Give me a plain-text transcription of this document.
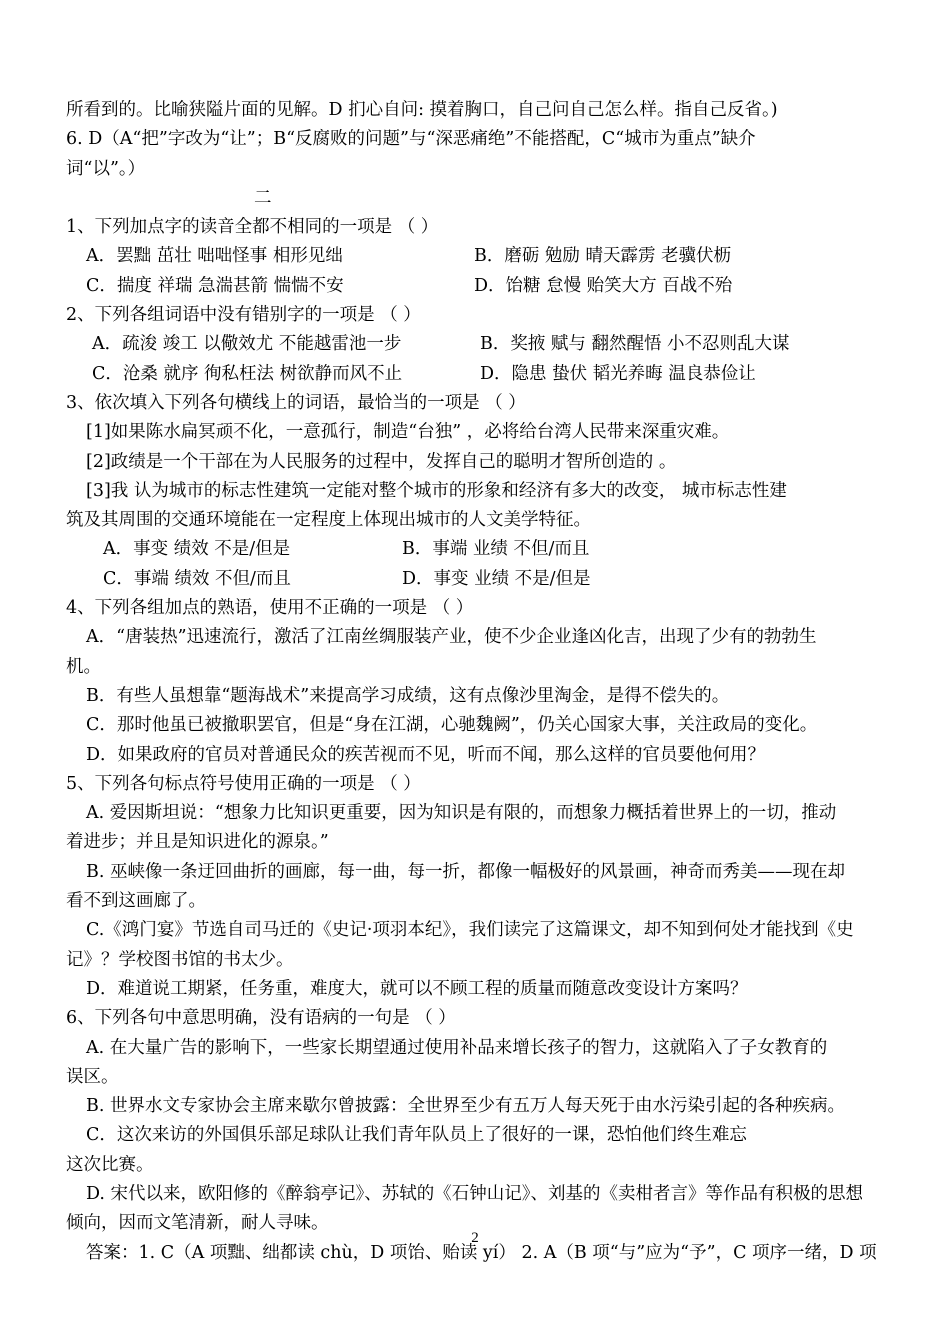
所看到的。比喻狭隘片面的见解。D 扪心自问: 摸着胸口，自己问自己怎么样。指自己反省。)
6. D（A“把”字改为“让”；B“反腐败的问题”与“深恶痛绝”不能搭配，C“城市为重点”缺介
词“以”。）
二
1、下列加点字的读音全都不相同的一项是 （ ）
A．罢黜 茁壮 咄咄怪事 相形见绌	B．磨砺 勉励 晴天霹雳 老骥伏枥
C．揣度 祥瑞 急湍甚箭 惴惴不安	D．饴糖 怠慢 贻笑大方 百战不殆
2、下列各组词语中没有错别字的一项是 （ ）
A．疏浚 竣工 以儆效尤 不能越雷池一步	B．奖掖 赋与 翻然醒悟 小不忍则乱大谋
C．沧桑 就序 徇私枉法 树欲静而风不止	D．隐患 蛰伏 韬光养晦 温良恭俭让
3、依次填入下列各句横线上的词语，最恰当的一项是 （ ）
[1]如果陈水扁冥顽不化，一意孤行，制造“台独” ，必将给台湾人民带来深重灾难。
[2]政绩是一个干部在为人民服务的过程中，发挥自己的聪明才智所创造的 。
[3]我 认为城市的标志性建筑一定能对整个城市的形象和经济有多大的改变， 城市标志性建
筑及其周围的交通环境能在一定程度上体现出城市的人文美学特征。
A．事变 绩效 不是/但是	B．事端 业绩 不但/而且
C．事端 绩效 不但/而且	D．事变 业绩 不是/但是
4、下列各组加点的熟语，使用不正确的一项是 （ ）
A．“唐装热”迅速流行，激活了江南丝绸服装产业，使不少企业逢凶化吉，出现了少有的勃勃生
机。
B．有些人虽想靠“题海战术”来提高学习成绩，这有点像沙里淘金，是得不偿失的。
C．那时他虽已被撤职罢官，但是“身在江湖，心驰魏阙”，仍关心国家大事，关注政局的变化。
D．如果政府的官员对普通民众的疾苦视而不见，听而不闻，那么这样的官员要他何用？
5、下列各句标点符号使用正确的一项是 （ ）
A. 爱因斯坦说：“想象力比知识更重要，因为知识是有限的，而想象力概括着世界上的一切，推动
着进步；并且是知识进化的源泉。”
B. 巫峡像一条迂回曲折的画廊，每一曲，每一折，都像一幅极好的风景画，神奇而秀美——现在却
看不到这画廊了。
C.《鸿门宴》节选自司马迁的《史记·项羽本纪》，我们读完了这篇课文，却不知到何处才能找到《史
记》？学校图书馆的书太少。
D．难道说工期紧，任务重，难度大，就可以不顾工程的质量而随意改变设计方案吗？
6、下列各句中意思明确，没有语病的一句是 （ ）
A. 在大量广告的影响下，一些家长期望通过使用补品来增长孩子的智力，这就陷入了子女教育的
误区。
B. 世界水文专家协会主席来歇尔曾披露：全世界至少有五万人每天死于由水污染引起的各种疾病。
C．这次来访的外国俱乐部足球队让我们青年队员上了很好的一课，恐怕他们终生难忘
这次比赛。
D. 宋代以来，欧阳修的《醉翁亭记》、苏轼的《石钟山记》、刘基的《卖柑者言》等作品有积极的思想
倾向，因而文笔清新，耐人寻味。
答案：1. C（A 项黜、绌都读 chù，D 项饴、贻读 yí） 2. A（B 项“与”应为“予”，C 项序一绪，D 项
2
